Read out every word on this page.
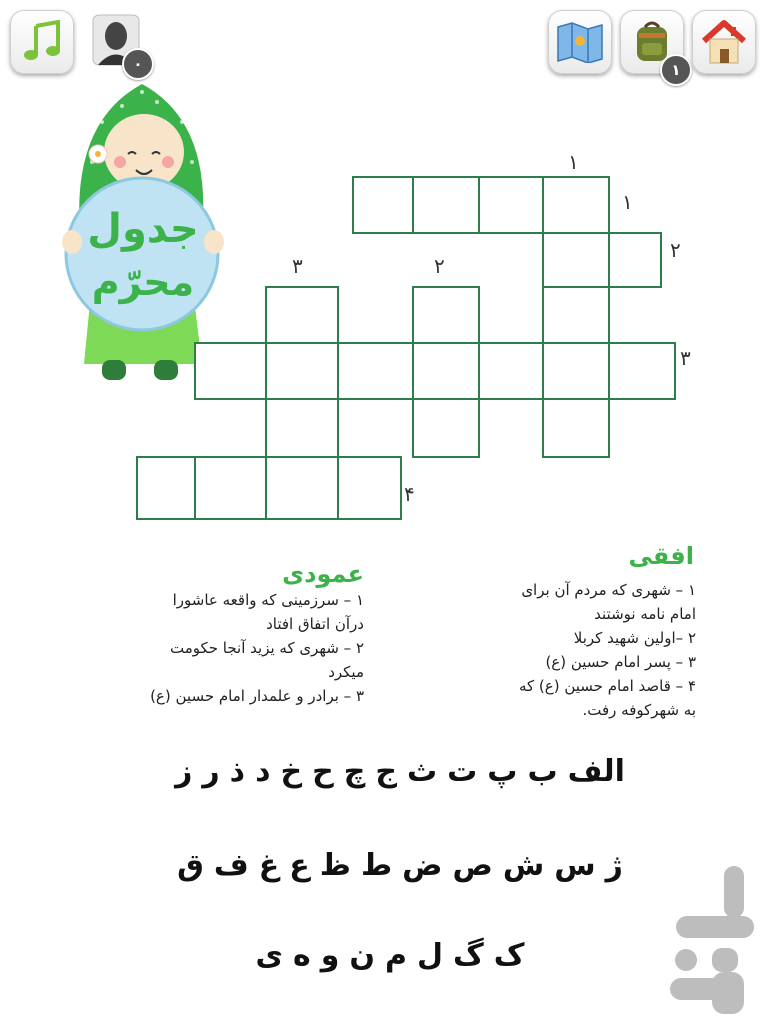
۰	۱
جدول
محرّم
۱
۱
۲
۳	۲
۳
۴
افقی
۱ – شهری که مردم آن برای
امام نامه نوشتند
۲ –اولین شهید کربلا
۳ – پسر امام حسین (ع)
۴ – قاصد امام حسین (ع) که
به شهرکوفه رفت.
عمودی
۱ – سرزمینی که واقعه عاشورا
درآن اتفاق افتاد
۲ – شهری که یزید آنجا حکومت
میکرد
۳ – برادر و علمدار امام حسین (ع)
الفبپتثجچحخدذرز
ژسشصضطظعغفق
کگلمنوهی
